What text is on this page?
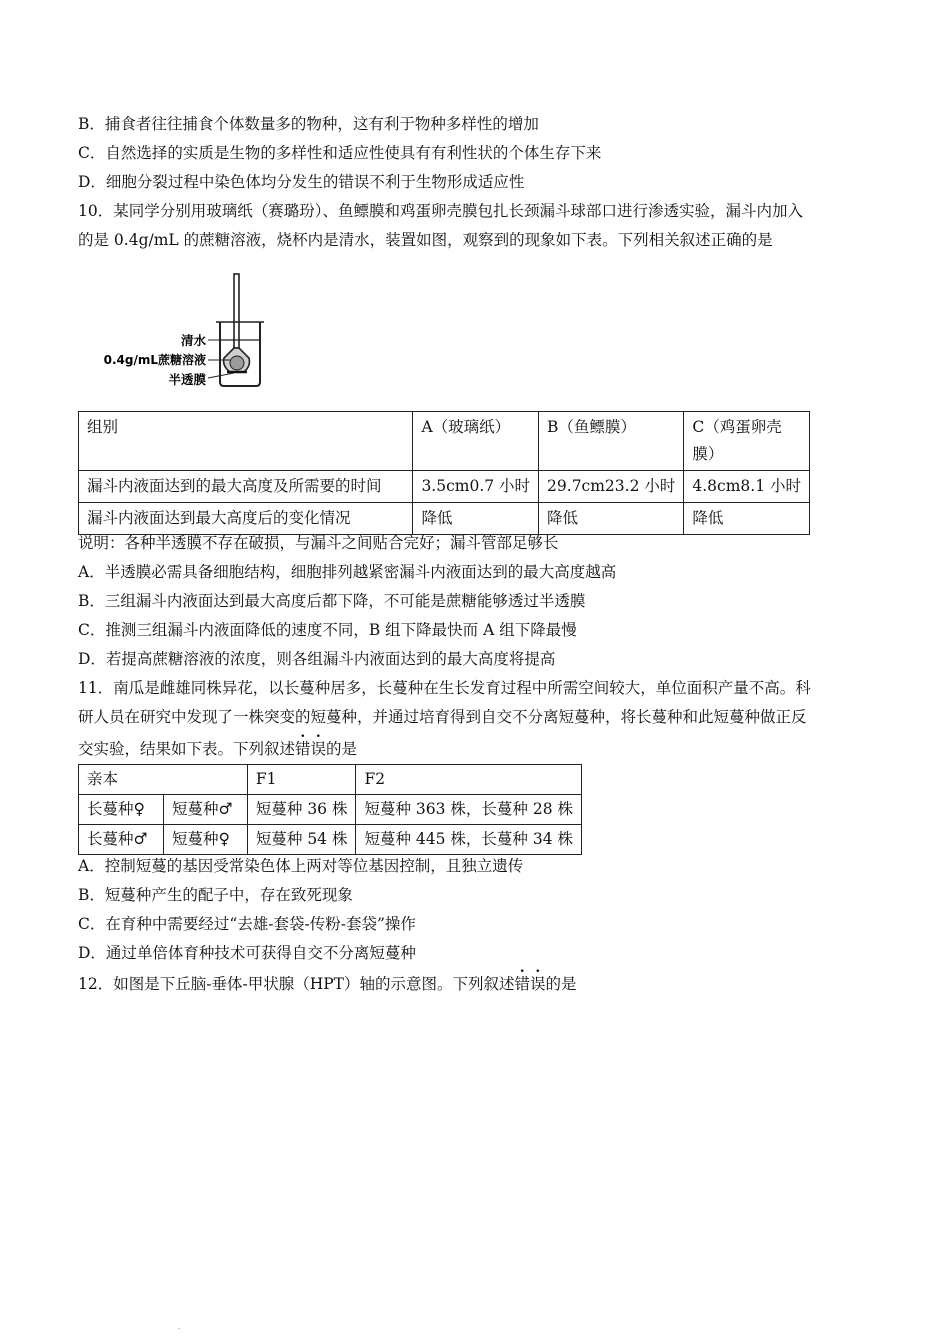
B．捕食者往往捕食个体数量多的物种，这有利于物种多样性的增加
C．自然选择的实质是生物的多样性和适应性使具有有利性状的个体生存下来
D．细胞分裂过程中染色体均分发生的错误不利于生物形成适应性
10．某同学分别用玻璃纸（赛璐玢）、鱼鳔膜和鸡蛋卵壳膜包扎长颈漏斗球部口进行渗透实验，漏斗内加入
的是 0.4g/mL 的蔗糖溶液，烧杯内是清水，装置如图，观察到的现象如下表。下列相关叙述正确的是
清水
0.4g/mL蔗糖溶液
半透膜
组别	A（玻璃纸）	B（鱼鳔膜）	C（鸡蛋卵壳膜）
漏斗内液面达到的最大高度及所需要的时间	3.5cm0.7 小时	29.7cm23.2 小时	4.8cm8.1 小时
漏斗内液面达到最大高度后的变化情况	降低	降低	降低
说明：各种半透膜不存在破损，与漏斗之间贴合完好；漏斗管部足够长
A．半透膜必需具备细胞结构，细胞排列越紧密漏斗内液面达到的最大高度越高
B．三组漏斗内液面达到最大高度后都下降，不可能是蔗糖能够透过半透膜
C．推测三组漏斗内液面降低的速度不同，B 组下降最快而 A 组下降最慢
D．若提高蔗糖溶液的浓度，则各组漏斗内液面达到的最大高度将提高
11．南瓜是雌雄同株异花，以长蔓种居多，长蔓种在生长发育过程中所需空间较大，单位面积产量不高。科
研人员在研究中发现了一株突变的短蔓种，并通过培育得到自交不分离短蔓种，将长蔓种和此短蔓种做正反
交实验，结果如下表。下列叙述错误的是
亲本		F1	F2
长蔓种♀	短蔓种♂	短蔓种 36 株	短蔓种 363 株，长蔓种 28 株
长蔓种♂	短蔓种♀	短蔓种 54 株	短蔓种 445 株，长蔓种 34 株
A．控制短蔓的基因受常染色体上两对等位基因控制，且独立遗传
B．短蔓种产生的配子中，存在致死现象
C．在育种中需要经过“去雄-套袋-传粉-套袋”操作
D．通过单倍体育种技术可获得自交不分离短蔓种
12．如图是下丘脑-垂体-甲状腺（HPT）轴的示意图。下列叙述错误的是
.
